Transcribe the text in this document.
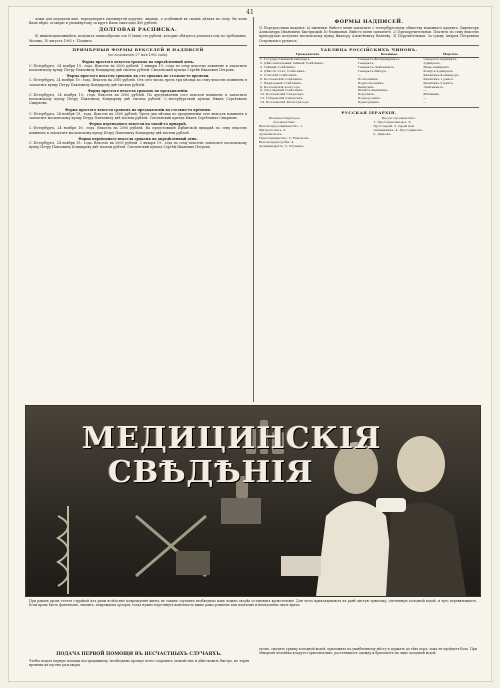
41
лежи для передачи имъ, передоверять упомянутой доручит. лицамъ, а особенной въ своихъ дѣлахъ по сему. Въ чемъ Вамъ вѣрю, оговорю и упомянутому за кругъ Вамъ ежегодно 400 рублей.
ДОЛГОВАЯ РАСПИСКА.
Я, нижеподписавшійся, получилъ заимообразно отъ N (имя) сто рублей, которые обязуюсь уплатить ему по требованію. Москва, 10 августа 1902 г. Подпись.
ПРИМѢРНЫЯ ФОРМЫ ВЕКСЕЛЕЙ И НАДПИСЕЙ
(по положенію 27 мая 1902 года).
Форма простого векселя срокомъ на опредѣленный день.
С.-Петербургъ, 24 ноября 19.. года. Вексель на 2000 рублей. 1 января 19.. года по сему векселю повиненъ я заплатить московскому купцу Петру Павловичу Кондыреву двѣ тысячи рублей. Смоленский купецъ Сергѣй Иванович Петровъ.
Форма простого векселя срокомъ въ сто сроковъ по стольно-то времени.
С.-Петербургъ, 24 ноября 19.. года. Вексель на 2000 рублей. Отъ сего числа чрезъ три мѣсяца по сему векселю повиненъ я заплатить купцу Петру Павловичу Кондыреву двѣ тысячи рублей.
Форма простого векселя срокомъ по предъявленіи.
С.-Петербургъ, 24 ноября 19.. года. Вексель на 2000 рублей. По предъявленіи сего векселя повиненъ я заплатить московскому купцу Петру Павловичу Кондыреву двѣ тысячи рублей. С.-петербургский купецъ Иванъ Сергѣевичъ Смирновъ.
Форма простого векселя срокомъ по предъявленіи во стольно-то времени.
С.-Петербургъ, 24 ноября 19.. года. Вексель на 2000 рублей. Чрезъ два мѣсяца по предъявленіи сего векселя повиненъ я заплатить московскому купцу Петру Павловичу двѣ тысячи рублей. Смоленский купецъ Иванъ Сергѣевичъ Смирновъ.
Форма переводного векселя на такой-то ярмаркѣ.
С.-Петербургъ, 24 ноября 19.. года. Вексель на 2000 рублей. На предстоящей Ирбитской ярмаркѣ по сему векселю повиненъ я заплатить московскому купцу Петру Павловичу Кондыреву двѣ тысячи рублей.
Форма переводного векселя срокомъ на опредѣленный день.
С.-Петербургъ, 24 ноября 19.. года. Вексель на 2000 рублей. 2 января 19.. года по сему векселю заплатите московскому купцу Петру Павловичу Кондыреву двѣ тысячи рублей. Смоленский купецъ Сергѣй Иванович Петровъ.
ФОРМЫ НАДПИСЕЙ.
1) Передаточная надпись: a) именная. Вмѣсто меня заплатите с.-петербургскому обществу взаимнаго кредита. Директоръ Александръ Ивановичъ Быстрицкій. b) бланковая. Вмѣсто меня заплатите. 2) Препоручительная. Платитъ по сему векселю препоручаю получить московскому купцу Виктору Алексѣевичу Ванееву. 3) Поручительная. За сумму Андрея Петровича Островскаго ручаюсь.
ТАБЛИЦА РОССІЙСКИХЪ ЧИНОВЪ.
Гражданскіе.	Военные.	Морскіе.
1. Государственный канцлеръ.	Генералъ-Фельдмаршалъ.	Генералъ-Адмиралъ.
2. Дѣйствительный тайный Совѣтникъ.	Генералъ.	Адмиралъ.
3. Тайный Совѣтникъ.	Генералъ-Лейтенантъ.	Вице-Адмиралъ.
4. Дѣйств. Стат. Совѣтникъ.	Генералъ-Маiоръ.	Контръ-Адмиралъ.
5. Статскій Совѣтникъ.	—	Капитанъ-Командоръ.
6. Коллежскій Совѣтникъ.	Полковникъ.	Капитанъ 1 ранга.
7. Надворный Совѣтникъ.	Подполковникъ.	Капитанъ 2 ранга.
8. Коллежскій Асессоръ.	Капитанъ.	Лейтенантъ.
9. Титулярный Совѣтникъ.	Штабсъ-Капитанъ.	—
10. Коллежскій Секретарь.	Поручикъ.	Мичманъ.
12. Губернскій Секретарь.	Подпоручикъ.	—
14. Коллежскій Регистраторъ.	Прапорщикъ.	—
РУССКАЯ ІЕРАРХІЯ.
Монашествующее духовенство.
Высокопреосвященство: 1. Митрополитъ. 2. Архіепископъ. Преосвященство: 3. Епископъ. Высокопреподобіе: 4. Архимандритъ. 5. Игуменъ.
Бѣлое духовенство:
1. Протопресвитеръ. 2. Протоіерей. 3. Іерей или священникъ. 4. Протодіаконъ. 5. Діаконъ.
МЕДИЦИНСКІЯ
СВѢДѢНІЯ
При ранахъ кровь течетъ струйкой изъ раны вслѣдствіе поврежденія жилы; въ такихъ случаяхъ необходимо какъ можно скорѣе остановить кровотеченіе. Для этого прикладываютъ къ ранѣ чистую тряпочку, смоченную холодной водой, и туго перевязываютъ. Если кровь бьетъ фонтаномъ, значитъ, повреждена артерія; тогда нужно перетянуть конечность выше раны ремнемъ или платкомъ и немедленно звать врача.
ПОДАЧА ПЕРВОЙ ПОМОЩИ ВЪ НЕСЧАСТНЫХЪ СЛУЧАЯХЪ.
Чтобы подать первую помощь пострадавшему, необходимо прежде всего сохранять спокойствіе и дѣйствовать быстро, не теряя времени на пустые разговоры.
угомъ, смочить тряпку холодной водой, приложить къ ушибленному мѣсту и держать до тѣхъ поръ, пока не пройдетъ боль. При обморокѣ человѣка кладутъ горизонтально, растегиваютъ одежду и брызгаютъ на лицо холодной водой.
